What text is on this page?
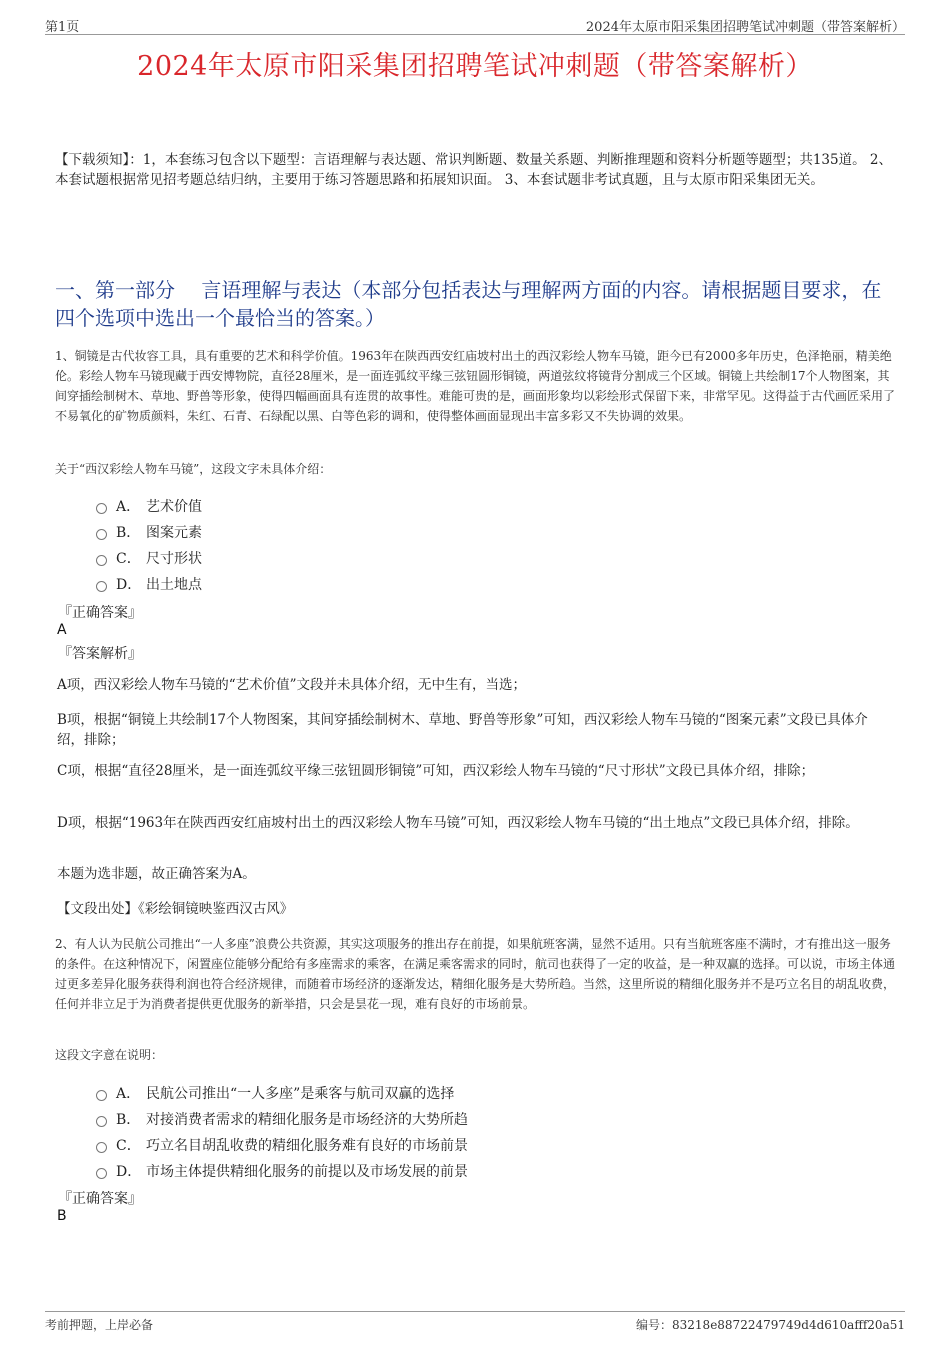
第1页	2024年太原市阳采集团招聘笔试冲刺题（带答案解析）
2024年太原市阳采集团招聘笔试冲刺题（带答案解析）
【下载须知】：1，本套练习包含以下题型：言语理解与表达题、常识判断题、数量关系题、判断推理题和资料分析题等题型；共135道。 2、本套试题根据常见招考题总结归纳，主要用于练习答题思路和拓展知识面。 3、本套试题非考试真题，且与太原市阳采集团无关。
一、第一部分　 言语理解与表达（本部分包括表达与理解两方面的内容。请根据题目要求，在四个选项中选出一个最恰当的答案。）
1、铜镜是古代妆容工具，具有重要的艺术和科学价值。1963年在陕西西安红庙坡村出土的西汉彩绘人物车马镜，距今已有2000多年历史，色泽艳丽，精美绝伦。彩绘人物车马镜现藏于西安博物院，直径28厘米，是一面连弧纹平缘三弦钮圆形铜镜，两道弦纹将镜背分割成三个区域。铜镜上共绘制17个人物图案，其间穿插绘制树木、草地、野兽等形象，使得四幅画面具有连贯的故事性。难能可贵的是，画面形象均以彩绘形式保留下来，非常罕见。这得益于古代画匠采用了不易氧化的矿物质颜料，朱红、石青、石绿配以黑、白等色彩的调和，使得整体画面显现出丰富多彩又不失协调的效果。
关于“西汉彩绘人物车马镜”，这段文字未具体介绍：
A． 艺术价值
B． 图案元素
C． 尺寸形状
D． 出土地点
『正确答案』
A
『答案解析』
A项，西汉彩绘人物车马镜的“艺术价值”文段并未具体介绍，无中生有，当选；
B项，根据“铜镜上共绘制17个人物图案，其间穿插绘制树木、草地、野兽等形象”可知，西汉彩绘人物车马镜的“图案元素”文段已具体介绍，排除；
C项，根据“直径28厘米，是一面连弧纹平缘三弦钮圆形铜镜”可知，西汉彩绘人物车马镜的“尺寸形状”文段已具体介绍，排除；
D项，根据“1963年在陕西西安红庙坡村出土的西汉彩绘人物车马镜”可知，西汉彩绘人物车马镜的“出土地点”文段已具体介绍，排除。
本题为选非题，故正确答案为A。
【文段出处】《彩绘铜镜映鉴西汉古风》
2、有人认为民航公司推出“一人多座”浪费公共资源，其实这项服务的推出存在前提，如果航班客满，显然不适用。只有当航班客座不满时，才有推出这一服务的条件。在这种情况下，闲置座位能够分配给有多座需求的乘客，在满足乘客需求的同时，航司也获得了一定的收益，是一种双赢的选择。可以说，市场主体通过更多差异化服务获得利润也符合经济规律，而随着市场经济的逐渐发达，精细化服务是大势所趋。当然，这里所说的精细化服务并不是巧立名目的胡乱收费，任何并非立足于为消费者提供更优服务的新举措，只会是昙花一现，难有良好的市场前景。
这段文字意在说明：
A． 民航公司推出“一人多座”是乘客与航司双赢的选择
B． 对接消费者需求的精细化服务是市场经济的大势所趋
C． 巧立名目胡乱收费的精细化服务难有良好的市场前景
D． 市场主体提供精细化服务的前提以及市场发展的前景
『正确答案』
B
考前押题，上岸必备	编号：83218e88722479749d4d610afff20a51
